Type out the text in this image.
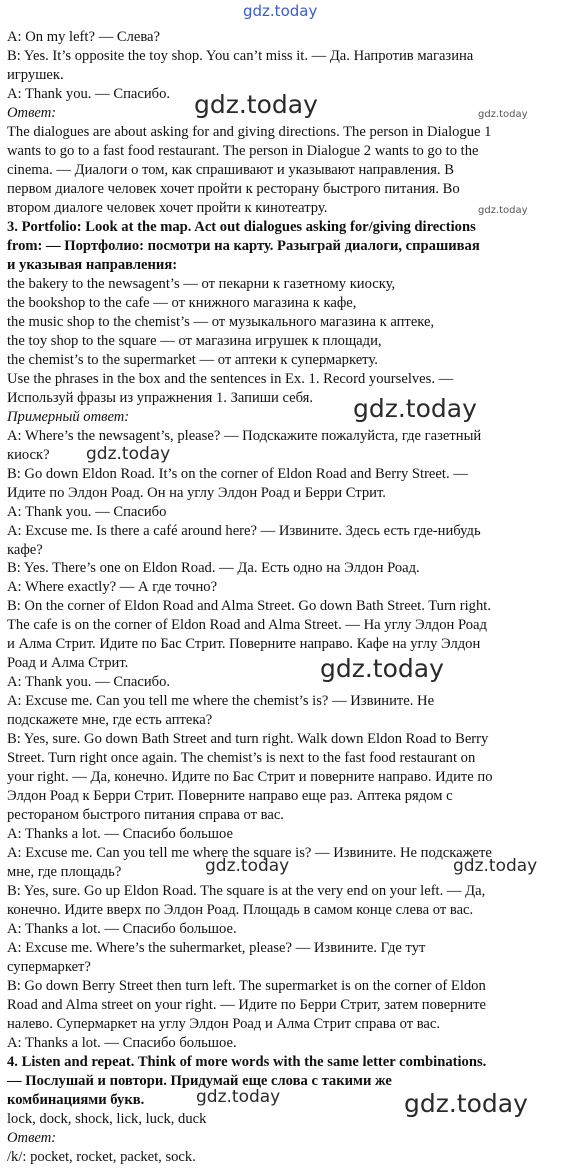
A: On my left? — Слева?
B: Yes. It’s opposite the toy shop. You can’t miss it. — Да. Напротив магазина
игрушек.
A: Thank you. — Спасибо.
Ответ:
The dialogues are about asking for and giving directions. The person in Dialogue 1
wants to go to a fast food restaurant. The person in Dialogue 2 wants to go to the
cinema. — Диалоги о том, как спрашивают и указывают направления. В
первом диалоге человек хочет пройти к ресторану быстрого питания. Во
втором диалоге человек хочет пройти к кинотеатру.
3. Portfolio: Look at the map. Act out dialogues asking for/giving directions
from: — Портфолио: посмотри на карту. Разыграй диалоги, спрашивая
и указывая направления:
the bakery to the newsagent’s — от пекарни к газетному киоску,
the bookshop to the cafe — от книжного магазина к кафе,
the music shop to the chemist’s — от музыкального магазина к аптеке,
the toy shop to the square — от магазина игрушек к площади,
the chemist’s to the supermarket — от аптеки к супермаркету.
Use the phrases in the box and the sentences in Ex. 1. Record yourselves. —
Используй фразы из упражнения 1. Запиши себя.
Примерный ответ:
A: Where’s the newsagent’s, please? — Подскажите пожалуйста, где газетный
киоск?
B: Go down Eldon Road. It’s on the corner of Eldon Road and Berry Street. —
Идите по Элдон Роад. Он на углу Элдон Роад и Берри Стрит.
A: Thank you. — Спасибо
A: Excuse me. Is there a café around here? — Извините. Здесь есть где-нибудь
кафе?
B: Yes. There’s one on Eldon Road. — Да. Есть одно на Элдон Роад.
A: Where exactly? — А где точно?
B: On the corner of Eldon Road and Alma Street. Go down Bath Street. Turn right.
The cafe is on the corner of Eldon Road and Alma Street. — На углу Элдон Роад
и Алма Стрит. Идите по Бас Стрит. Поверните направо. Кафе на углу Элдон
Роад и Алма Стрит.
A: Thank you. — Спасибо.
A: Excuse me. Can you tell me where the chemist’s is? — Извините. Не
подскажете мне, где есть аптека?
B: Yes, sure. Go down Bath Street and turn right. Walk down Eldon Road to Berry
Street. Turn right once again. The chemist’s is next to the fast food restaurant on
your right. — Да, конечно. Идите по Бас Стрит и поверните направо. Идите по
Элдон Роад к Берри Стрит. Поверните направо еще раз. Аптека рядом с
рестораном быстрого питания справа от вас.
A: Thanks a lot. — Спасибо большое
A: Excuse me. Can you tell me where the square is? — Извините. Не подскажете
мне, где площадь?
B: Yes, sure. Go up Eldon Road. The square is at the very end on your left. — Да,
конечно. Идите вверх по Элдон Роад. Площадь в самом конце слева от вас.
A: Thanks a lot. — Спасибо большое.
A: Excuse me. Where’s the suhermarket, please? — Извините. Где тут
супермаркет?
B: Go down Berry Street then turn left. The supermarket is on the corner of Eldon
Road and Alma street on your right. — Идите по Берри Стрит, затем поверните
налево. Супермаркет на углу Элдон Роад и Алма Стрит справа от вас.
A: Thanks a lot. — Спасибо большое.
4. Listen and repeat. Think of more words with the same letter combinations.
— Послушай и повтори. Придумай еще слова с такими же
комбинациями букв.
lock, dock, shock, lick, luck, duck
Ответ:
/k/: pocket, rocket, packet, sock.
gdz.today
gdz.today	gdz.today
gdz.today
gdz.today
gdz.today
gdz.today
gdz.today	gdz.today
gdz.today	gdz.today
